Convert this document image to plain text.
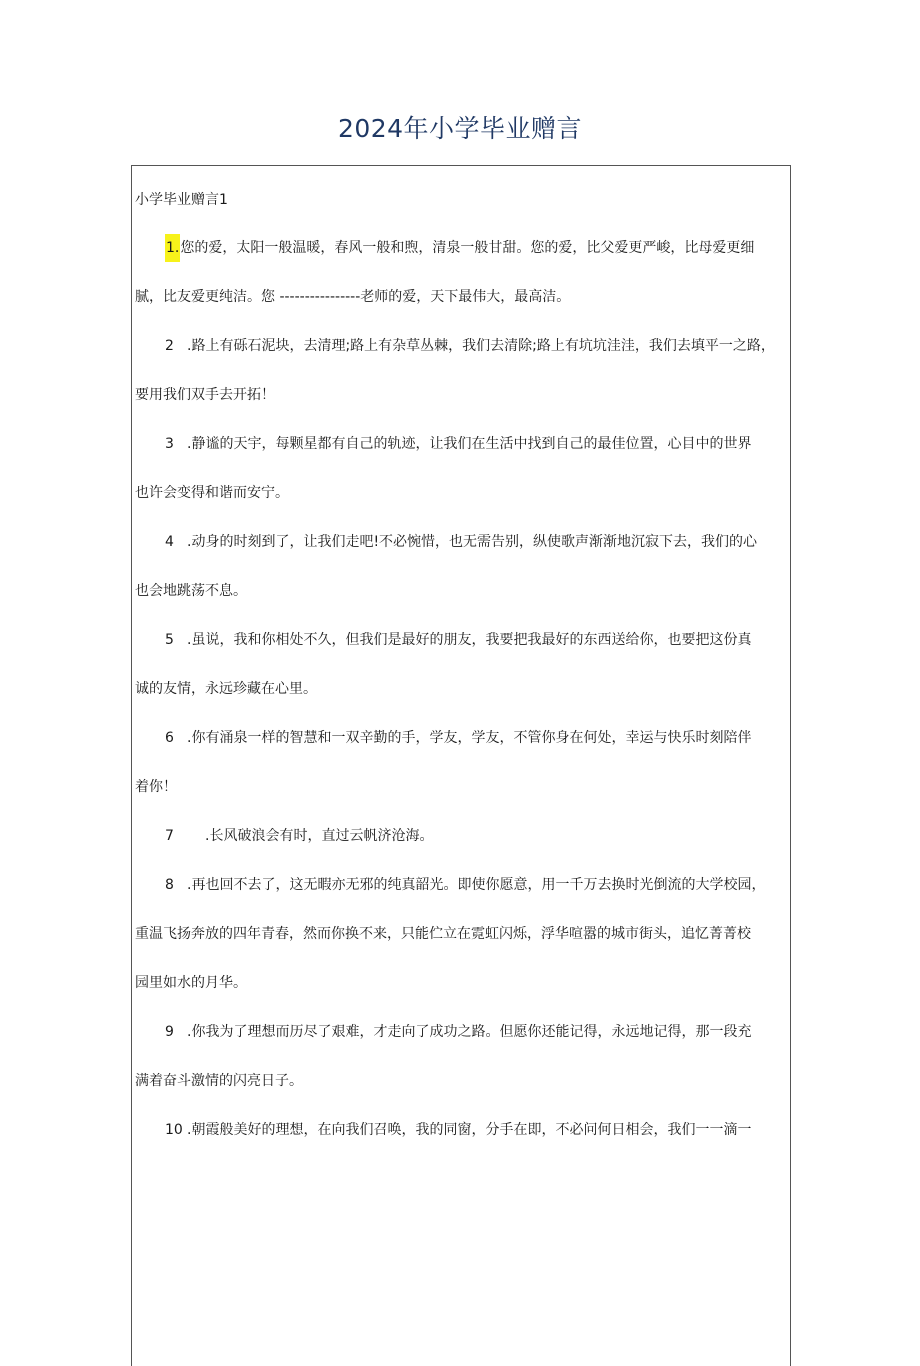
2024年小学毕业赠言

小学毕业赠言1

1.您的爱，太阳一般温暖，春风一般和煦，清泉一般甘甜。您的爱，比父爱更严峻，比母爱更细
腻，比友爱更纯洁。您 ----------------老师的爱，天下最伟大，最高洁。
2 .路上有砾石泥块，去清理;路上有杂草丛棘，我们去清除;路上有坑坑洼洼，我们去填平一之路，
要用我们双手去开拓！
3 .静谧的天宇，每颗星都有自己的轨迹，让我们在生活中找到自己的最佳位置，心目中的世界
也许会变得和谐而安宁。
4 .动身的时刻到了，让我们走吧!不必惋惜，也无需告别，纵使歌声渐渐地沉寂下去，我们的心
也会地跳荡不息。
5 .虽说，我和你相处不久，但我们是最好的朋友，我要把我最好的东西送给你，也要把这份真
诚的友情，永远珍藏在心里。
6 .你有涌泉一样的智慧和一双辛勤的手，学友，学友，不管你身在何处，幸运与快乐时刻陪伴
着你！
7 .长风破浪会有时，直过云帆济沧海。
8 .再也回不去了，这无暇亦无邪的纯真韶光。即使你愿意，用一千万去换时光倒流的大学校园，
重温飞扬奔放的四年青春，然而你换不来，只能伫立在霓虹闪烁，浮华喧嚣的城市街头，追忆菁菁校
园里如水的月华。
9 .你我为了理想而历尽了艰难，才走向了成功之路。但愿你还能记得，永远地记得，那一段充
满着奋斗激情的闪亮日子。
10 .朝霞般美好的理想，在向我们召唤，我的同窗，分手在即，不必问何日相会，我们一一滴一
